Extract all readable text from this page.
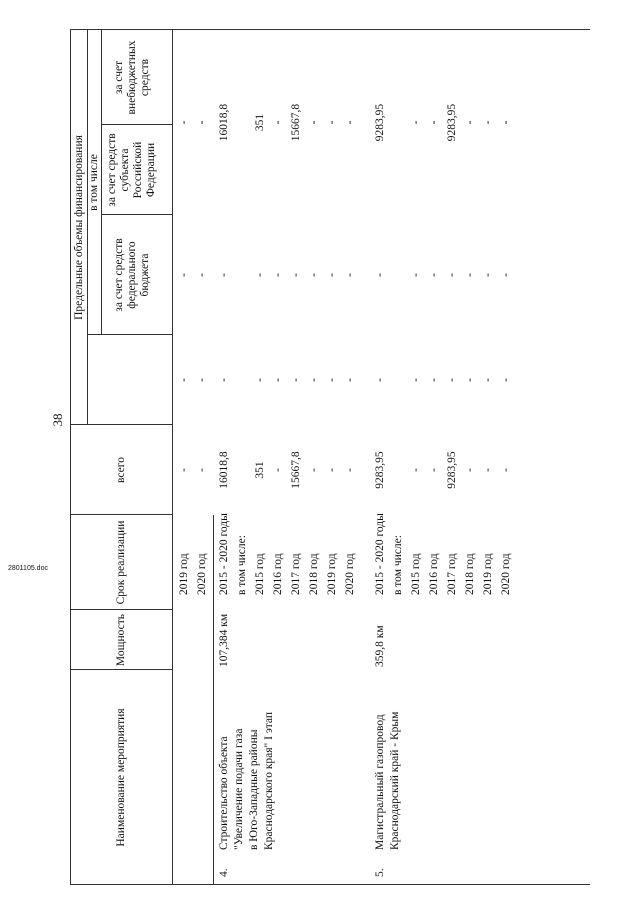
38
Наименование мероприятия
Мощность
Срок реализации
всего
Предельные объемы финансирования в том числе
за счет средств федерального бюджета
за счет средств субъекта Российской Федерации
за счет внебюджетных средств
2019 год
-
-
-
-
2020 год
-
-
-
-
4.
Строительство объекта "Увеличение подачи газа в Юго-Западные районы Краснодарского края" I этап
107,384 км
2015 - 2020 годы
16018,8
-
-
16018,8
в том числе: 2015 год
351
-
-
351
2016 год
-
-
-
-
2017 год
15667,8
-
-
15667,8
2018 год
-
-
-
-
2019 год
-
-
-
-
2020 год
-
-
-
-
5.
Магистральный газопровод Краснодарский край - Крым
359,8 км
2015 - 2020 годы
9283,95
-
-
9283,95
в том числе: 2015 год
-
-
-
-
2016 год
-
-
-
-
2017 год
9283,95
-
-
9283,95
2018 год
-
-
-
-
2019 год
-
-
-
-
2020 год
-
-
-
-
2801105.doc
